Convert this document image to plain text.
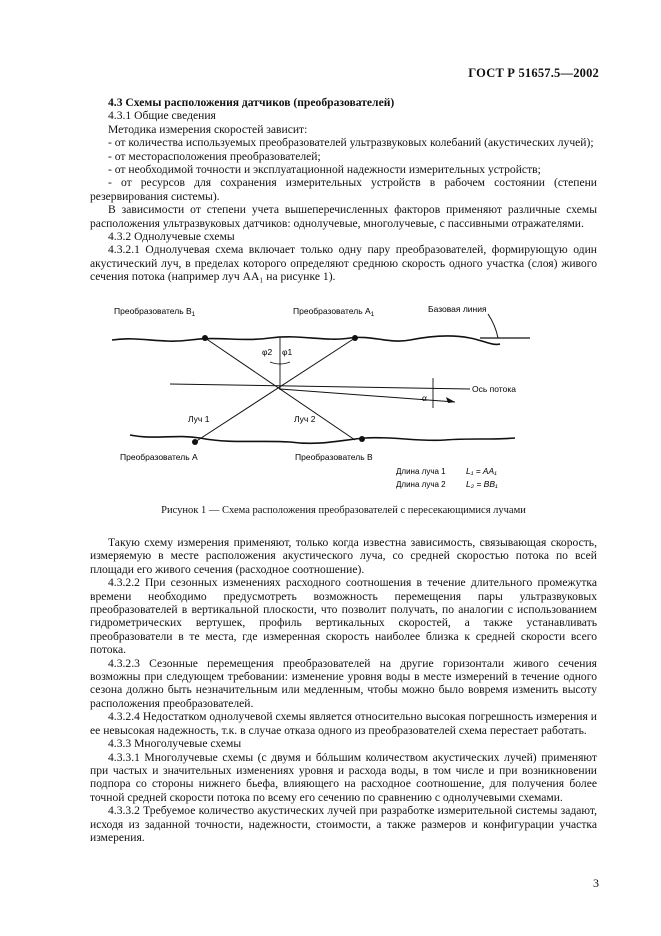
ГОСТ Р 51657.5—2002

4.3 Схемы расположения датчиков (преобразователей)

4.3.1 Общие сведения

Методика измерения скоростей зависит:

- от количества используемых преобразователей ультразвуковых колебаний (акустических лучей);

- от месторасположения преобразователей;

- от необходимой точности и эксплуатационной надежности измерительных устройств;

- от ресурсов для сохранения измерительных устройств в рабочем состоянии (степени резервирования системы).

В зависимости от степени учета вышеперечисленных факторов применяют различные схемы расположения ультразвуковых датчиков: однолучевые, многолучевые, с пассивными отражателями.

4.3.2 Однолучевые схемы

4.3.2.1 Однолучевая схема включает только одну пару преобразователей, формирующую один акустический луч, в пределах которого определяют среднюю скорость одного участка (слоя) живого сечения потока (например луч AA₁ на рисунке 1).

Преобразователь $B_1$	Преобразователь $A_1$
Базовая линия
Ось потока
φ2 φ1
α
Луч 1	Луч 2
Преобразователь A	Преобразователь B
Длина луча 1 L₁ = AA₁
Длина луча 2 L₂ = BB₁
Рисунок 1 — Схема расположения преобразователей с пересекающимися лучами

Такую схему измерения применяют, только когда известна зависимость, связывающая скорость, измеряемую в месте расположения акустического луча, со средней скоростью потока по всей площади его живого сечения (расходное соотношение).

4.3.2.2 При сезонных изменениях расходного соотношения в течение длительного промежутка времени необходимо предусмотреть возможность перемещения пары ультразвуковых преобразователей в вертикальной плоскости, что позволит получать, по аналогии с использованием гидрометрических вертушек, профиль вертикальных скоростей, а также устанавливать преобразователи в те места, где измеренная скорость наиболее близка к средней скорости всего потока.

4.3.2.3 Сезонные перемещения преобразователей на другие горизонтали живого сечения возможны при следующем требовании: изменение уровня воды в месте измерений в течение одного сезона должно быть незначительным или медленным, чтобы можно было вовремя изменить высоту расположения преобразователей.

4.3.2.4 Недостатком однолучевой схемы является относительно высокая погрешность измерения и ее невысокая надежность, т.к. в случае отказа одного из преобразователей схема перестает работать.

4.3.3 Многолучевые схемы

4.3.3.1 Многолучевые схемы (с двумя и бóльшим количеством акустических лучей) применяют при частых и значительных изменениях уровня и расхода воды, в том числе и при возникновении подпора со стороны нижнего бьефа, влияющего на расходное соотношение, для получения более точной средней скорости потока по всему его сечению по сравнению с однолучевыми схемами.

4.3.3.2 Требуемое количество акустических лучей при разработке измерительной системы задают, исходя из заданной точности, надежности, стоимости, а также размеров и конфигурации участка измерения.

3
